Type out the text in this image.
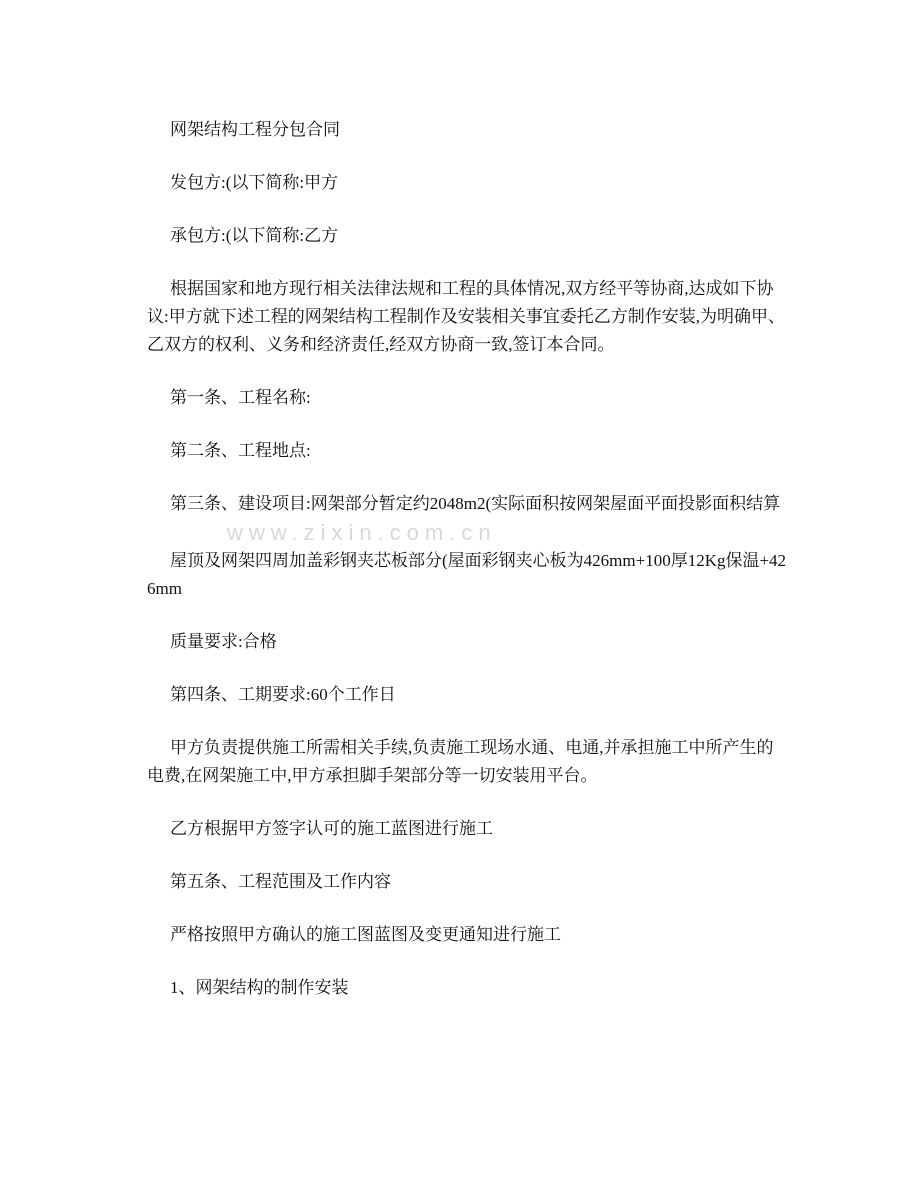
网架结构工程分包合同

发包方:(以下简称:甲方

承包方:(以下简称:乙方

根据国家和地方现行相关法律法规和工程的具体情况,双方经平等协商,达成如下协议:甲方就下述工程的网架结构工程制作及安装相关事宜委托乙方制作安装,为明确甲、乙双方的权利、义务和经济责任,经双方协商一致,签订本合同。

第一条、工程名称:

第二条、工程地点:

第三条、建设项目:网架部分暂定约2048m2(实际面积按网架屋面平面投影面积结算

www.zixin.com.cn

屋顶及网架四周加盖彩钢夹芯板部分(屋面彩钢夹心板为426mm+100厚12Kg保温+426mm

质量要求:合格

第四条、工期要求:60个工作日

甲方负责提供施工所需相关手续,负责施工现场水通、电通,并承担施工中所产生的电费,在网架施工中,甲方承担脚手架部分等一切安装用平台。

乙方根据甲方签字认可的施工蓝图进行施工

第五条、工程范围及工作内容

严格按照甲方确认的施工图蓝图及变更通知进行施工

1、网架结构的制作安装
